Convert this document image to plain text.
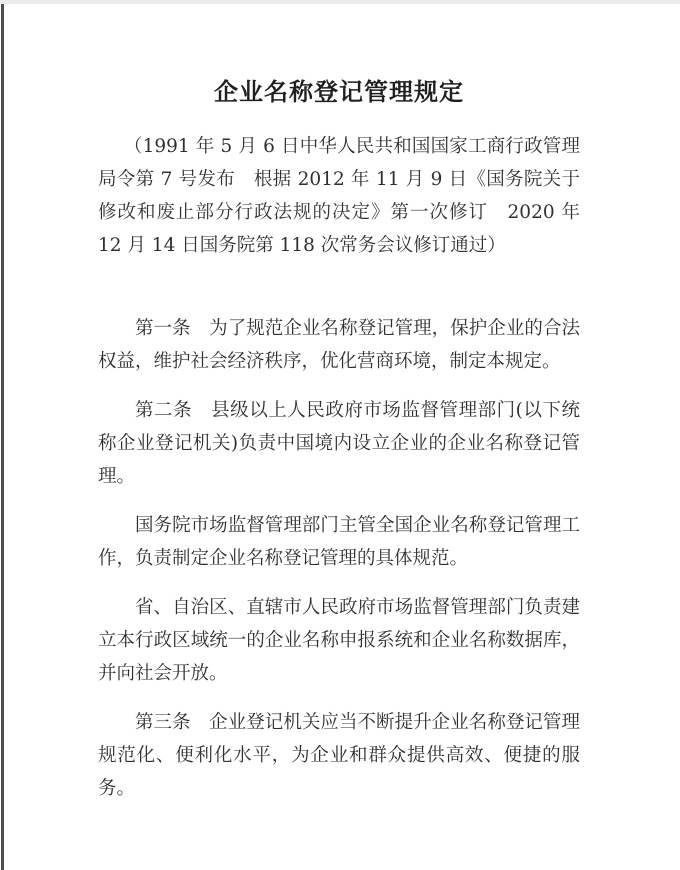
企业名称登记管理规定

（1991 年 5 月 6 日中华人民共和国国家工商行政管理局令第 7 号发布　根据 2012 年 11 月 9 日《国务院关于修改和废止部分行政法规的决定》第一次修订　2020 年 12 月 14 日国务院第 118 次常务会议修订通过）

第一条　为了规范企业名称登记管理，保护企业的合法权益，维护社会经济秩序，优化营商环境，制定本规定。

第二条　县级以上人民政府市场监督管理部门(以下统称企业登记机关)负责中国境内设立企业的企业名称登记管理。

国务院市场监督管理部门主管全国企业名称登记管理工作，负责制定企业名称登记管理的具体规范。

省、自治区、直辖市人民政府市场监督管理部门负责建立本行政区域统一的企业名称申报系统和企业名称数据库，并向社会开放。

第三条　企业登记机关应当不断提升企业名称登记管理规范化、便利化水平，为企业和群众提供高效、便捷的服务。
